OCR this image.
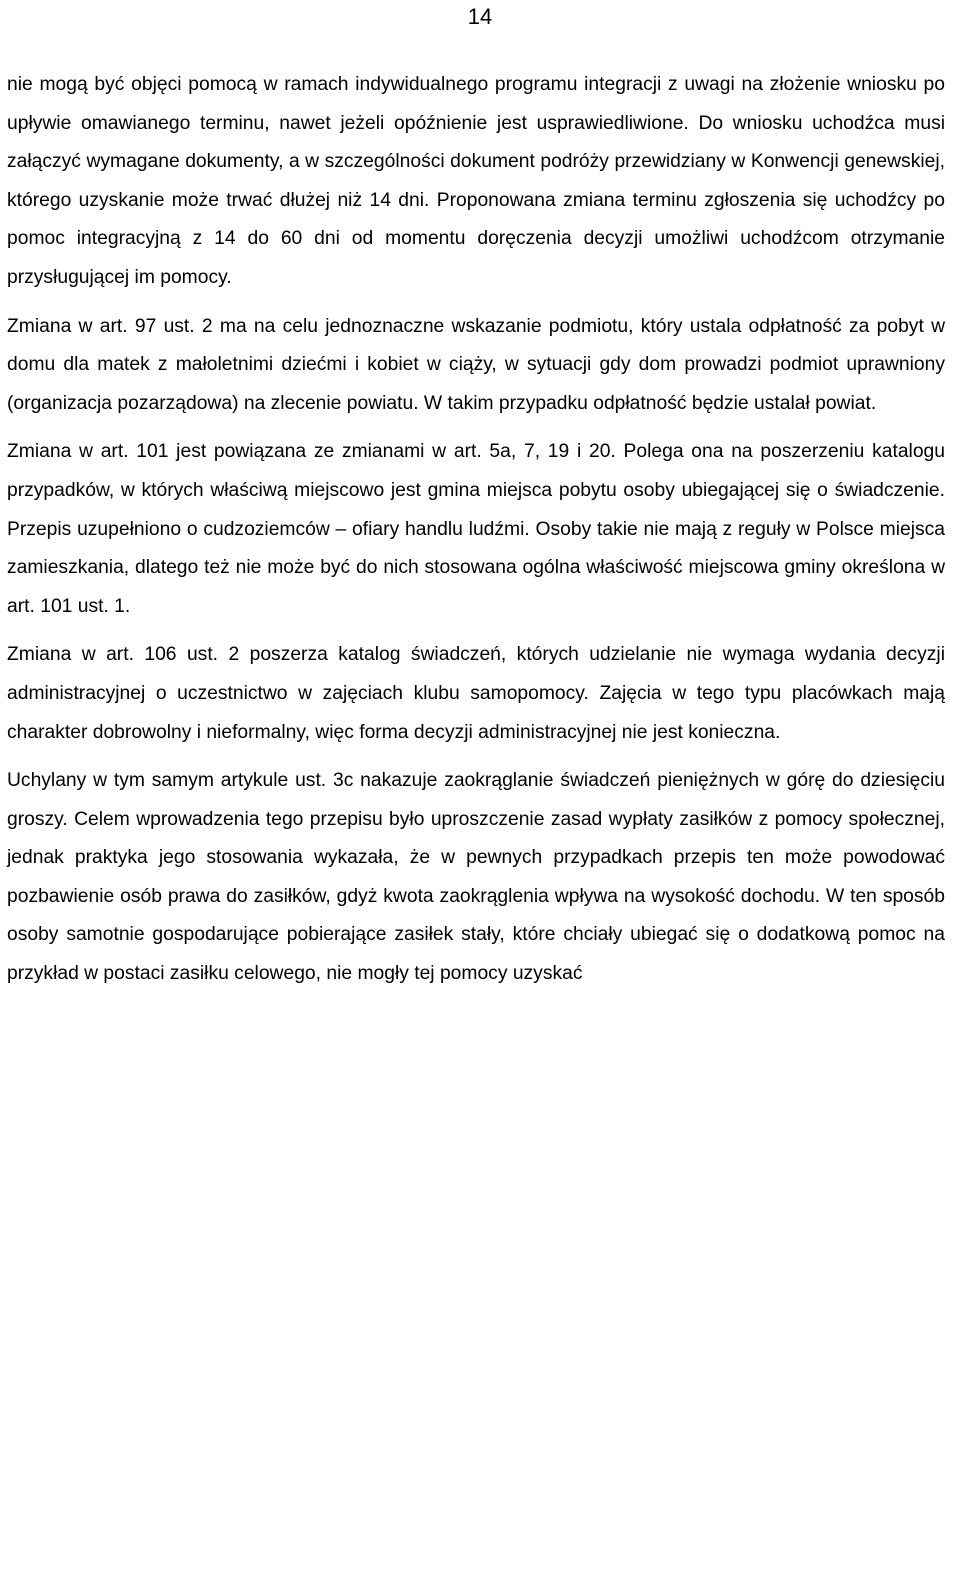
14

nie mogą być objęci pomocą w ramach indywidualnego programu integracji z uwagi na złożenie wniosku po upływie omawianego terminu, nawet jeżeli opóźnienie jest usprawiedliwione. Do wniosku uchodźca musi załączyć wymagane dokumenty, a w szczególności dokument podróży przewidziany w Konwencji genewskiej, którego uzyskanie może trwać dłużej niż 14 dni. Proponowana zmiana terminu zgłoszenia się uchodźcy po pomoc integracyjną z 14 do 60 dni od momentu doręczenia decyzji umożliwi uchodźcom otrzymanie przysługującej im pomocy.

Zmiana w art. 97 ust. 2 ma na celu jednoznaczne wskazanie podmiotu, który ustala odpłatność za pobyt w domu dla matek z małoletnimi dziećmi i kobiet w ciąży, w sytuacji gdy dom prowadzi podmiot uprawniony (organizacja pozarządowa) na zlecenie powiatu. W takim przypadku odpłatność będzie ustalał powiat.

Zmiana w art. 101 jest powiązana ze zmianami w art. 5a, 7, 19 i 20. Polega ona na poszerzeniu katalogu przypadków, w których właściwą miejscowo jest gmina miejsca pobytu osoby ubiegającej się o świadczenie. Przepis uzupełniono o cudzoziemców – ofiary handlu ludźmi. Osoby takie nie mają z reguły w Polsce miejsca zamieszkania, dlatego też nie może być do nich stosowana ogólna właściwość miejscowa gminy określona w art. 101 ust. 1.

Zmiana w art. 106 ust. 2 poszerza katalog świadczeń, których udzielanie nie wymaga wydania decyzji administracyjnej o uczestnictwo w zajęciach klubu samopomocy. Zajęcia w tego typu placówkach mają charakter dobrowolny i nieformalny, więc forma decyzji administracyjnej nie jest konieczna.

Uchylany w tym samym artykule ust. 3c nakazuje zaokrąglanie świadczeń pieniężnych w górę do dziesięciu groszy. Celem wprowadzenia tego przepisu było uproszczenie zasad wypłaty zasiłków z pomocy społecznej, jednak praktyka jego stosowania wykazała, że w pewnych przypadkach przepis ten może powodować pozbawienie osób prawa do zasiłków, gdyż kwota zaokrąglenia wpływa na wysokość dochodu. W ten sposób osoby samotnie gospodarujące pobierające zasiłek stały, które chciały ubiegać się o dodatkową pomoc na przykład w postaci zasiłku celowego, nie mogły tej pomocy uzyskać
